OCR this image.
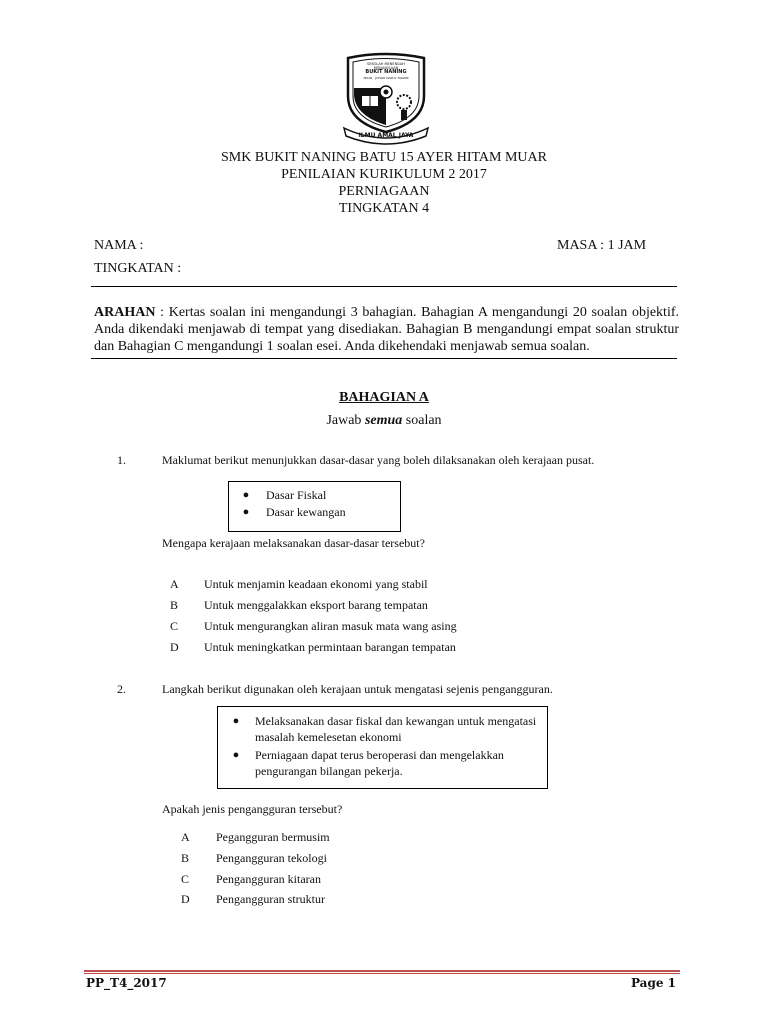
SEKOLAH MENENGAH KEBANGSAAN
BUKIT NANING
MUAR · JOHOR DARUL TAKZIM
ILMU AMAL JAYA
SMK BUKIT NANING BATU 15 AYER HITAM MUAR
PENILAIAN KURIKULUM 2 2017
PERNIAGAAN
TINGKATAN 4
NAMA :	MASA : 1 JAM
TINGKATAN :
ARAHAN : Kertas soalan ini mengandungi 3 bahagian. Bahagian A mengandungi 20 soalan objektif. Anda dikendaki menjawab di tempat yang disediakan. Bahagian B mengandungi empat soalan struktur dan Bahagian C mengandungi 1 soalan esei. Anda dikehendaki menjawab semua soalan.
BAHAGIAN A
Jawab semua soalan
1.	Maklumat berikut menunjukkan dasar-dasar yang boleh dilaksanakan oleh kerajaan pusat.
● Dasar Fiskal
● Dasar kewangan
Mengapa kerajaan melaksanakan dasar-dasar tersebut?
A Untuk menjamin keadaan ekonomi yang stabil
B Untuk menggalakkan eksport barang tempatan
C Untuk mengurangkan aliran masuk mata wang asing
D Untuk meningkatkan permintaan barangan tempatan
2.	Langkah berikut digunakan oleh kerajaan untuk mengatasi sejenis pengangguran.
● Melaksanakan dasar fiskal dan kewangan untuk mengatasi masalah kemelesetan ekonomi
● Perniagaan dapat terus beroperasi dan mengelakkan pengurangan bilangan pekerja.
Apakah jenis pengangguran tersebut?
A Pegangguran bermusim
B Pengangguran tekologi
C Pengangguran kitaran
D Pengangguran struktur
PP_T4_2017	Page 1
